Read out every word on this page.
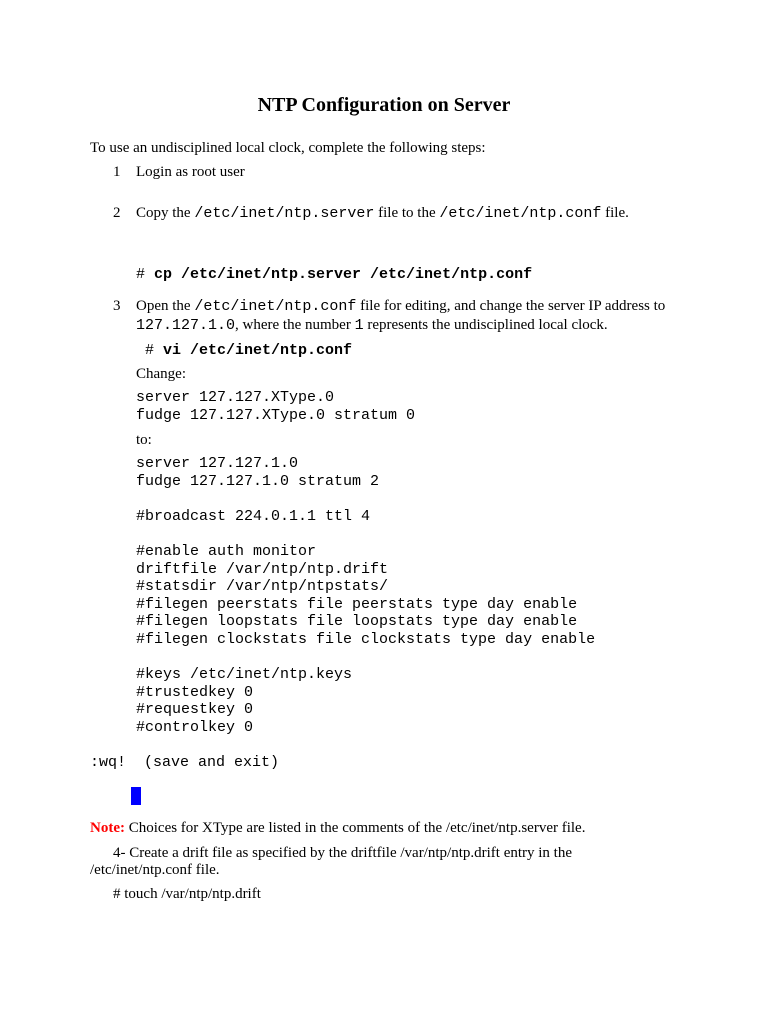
NTP Configuration on Server
To use an undisciplined local clock, complete the following steps:
1 Login as root user
2 Copy the /etc/inet/ntp.server file to the /etc/inet/ntp.conf file.
# cp /etc/inet/ntp.server /etc/inet/ntp.conf
3 Open the /etc/inet/ntp.conf file for editing, and change the server IP address to
127.127.1.0, where the number 1 represents the undisciplined local clock.
# vi /etc/inet/ntp.conf
Change:
server 127.127.XType.0
fudge 127.127.XType.0 stratum 0
to:
server 127.127.1.0
fudge 127.127.1.0 stratum 2

#broadcast 224.0.1.1 ttl 4

#enable auth monitor
driftfile /var/ntp/ntp.drift
#statsdir /var/ntp/ntpstats/
#filegen peerstats file peerstats type day enable
#filegen loopstats file loopstats type day enable
#filegen clockstats file clockstats type day enable

#keys /etc/inet/ntp.keys
#trustedkey 0
#requestkey 0
#controlkey 0
:wq!  (save and exit)
Note: Choices for XType are listed in the comments of the /etc/inet/ntp.server file.
4- Create a drift file as specified by the driftfile /var/ntp/ntp.drift entry in the
/etc/inet/ntp.conf file.
# touch /var/ntp/ntp.drift
